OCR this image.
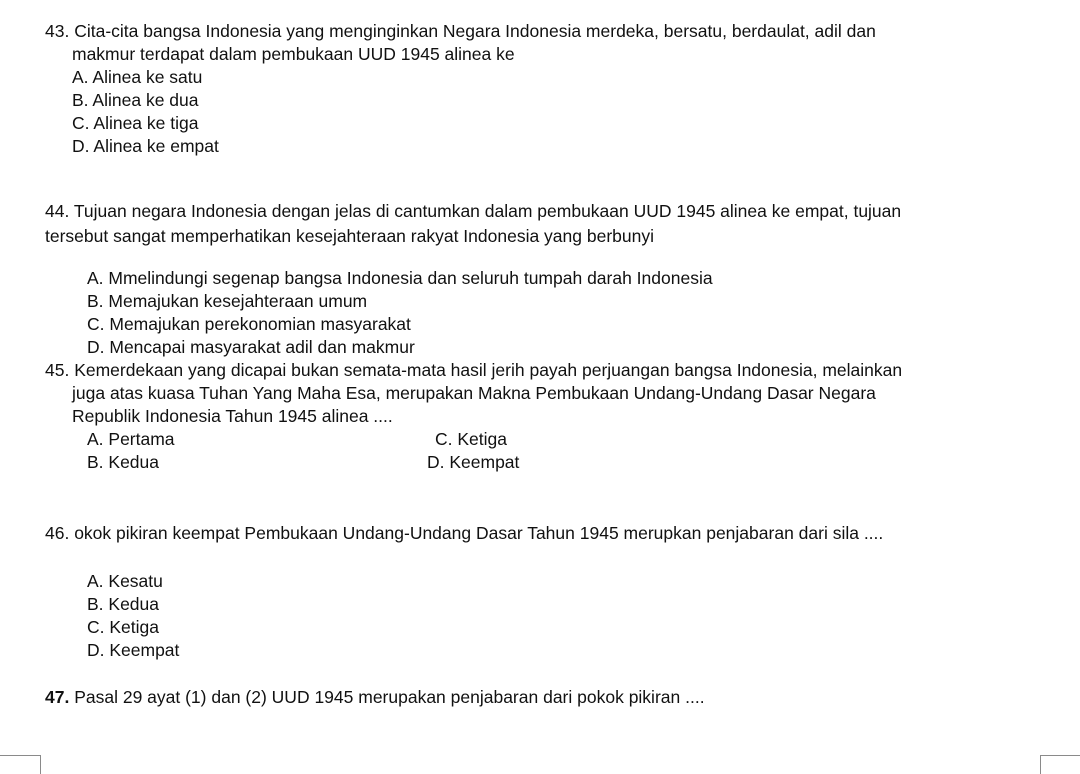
43. Cita-cita bangsa Indonesia yang menginginkan Negara Indonesia merdeka, bersatu, berdaulat, adil dan
makmur terdapat dalam pembukaan UUD 1945 alinea ke
A. Alinea ke satu
B. Alinea ke dua
C. Alinea ke tiga
D. Alinea ke empat
44. Tujuan negara Indonesia dengan jelas di cantumkan dalam pembukaan UUD 1945 alinea ke empat, tujuan
tersebut sangat memperhatikan kesejahteraan rakyat Indonesia yang berbunyi
A. Mmelindungi segenap bangsa Indonesia dan seluruh tumpah darah Indonesia
B. Memajukan kesejahteraan umum
C. Memajukan perekonomian masyarakat
D. Mencapai masyarakat adil dan makmur
45. Kemerdekaan yang dicapai bukan semata-mata hasil jerih payah perjuangan bangsa Indonesia, melainkan
juga atas kuasa Tuhan Yang Maha Esa, merupakan Makna Pembukaan Undang-Undang Dasar Negara
Republik Indonesia Tahun 1945 alinea ....
A. Pertama	C. Ketiga
B. Kedua	D. Keempat
46. okok pikiran keempat Pembukaan Undang-Undang Dasar Tahun 1945 merupkan penjabaran dari sila ....
A. Kesatu
B. Kedua
C. Ketiga
D. Keempat
47. Pasal 29 ayat (1) dan (2) UUD 1945 merupakan penjabaran dari pokok pikiran ....
